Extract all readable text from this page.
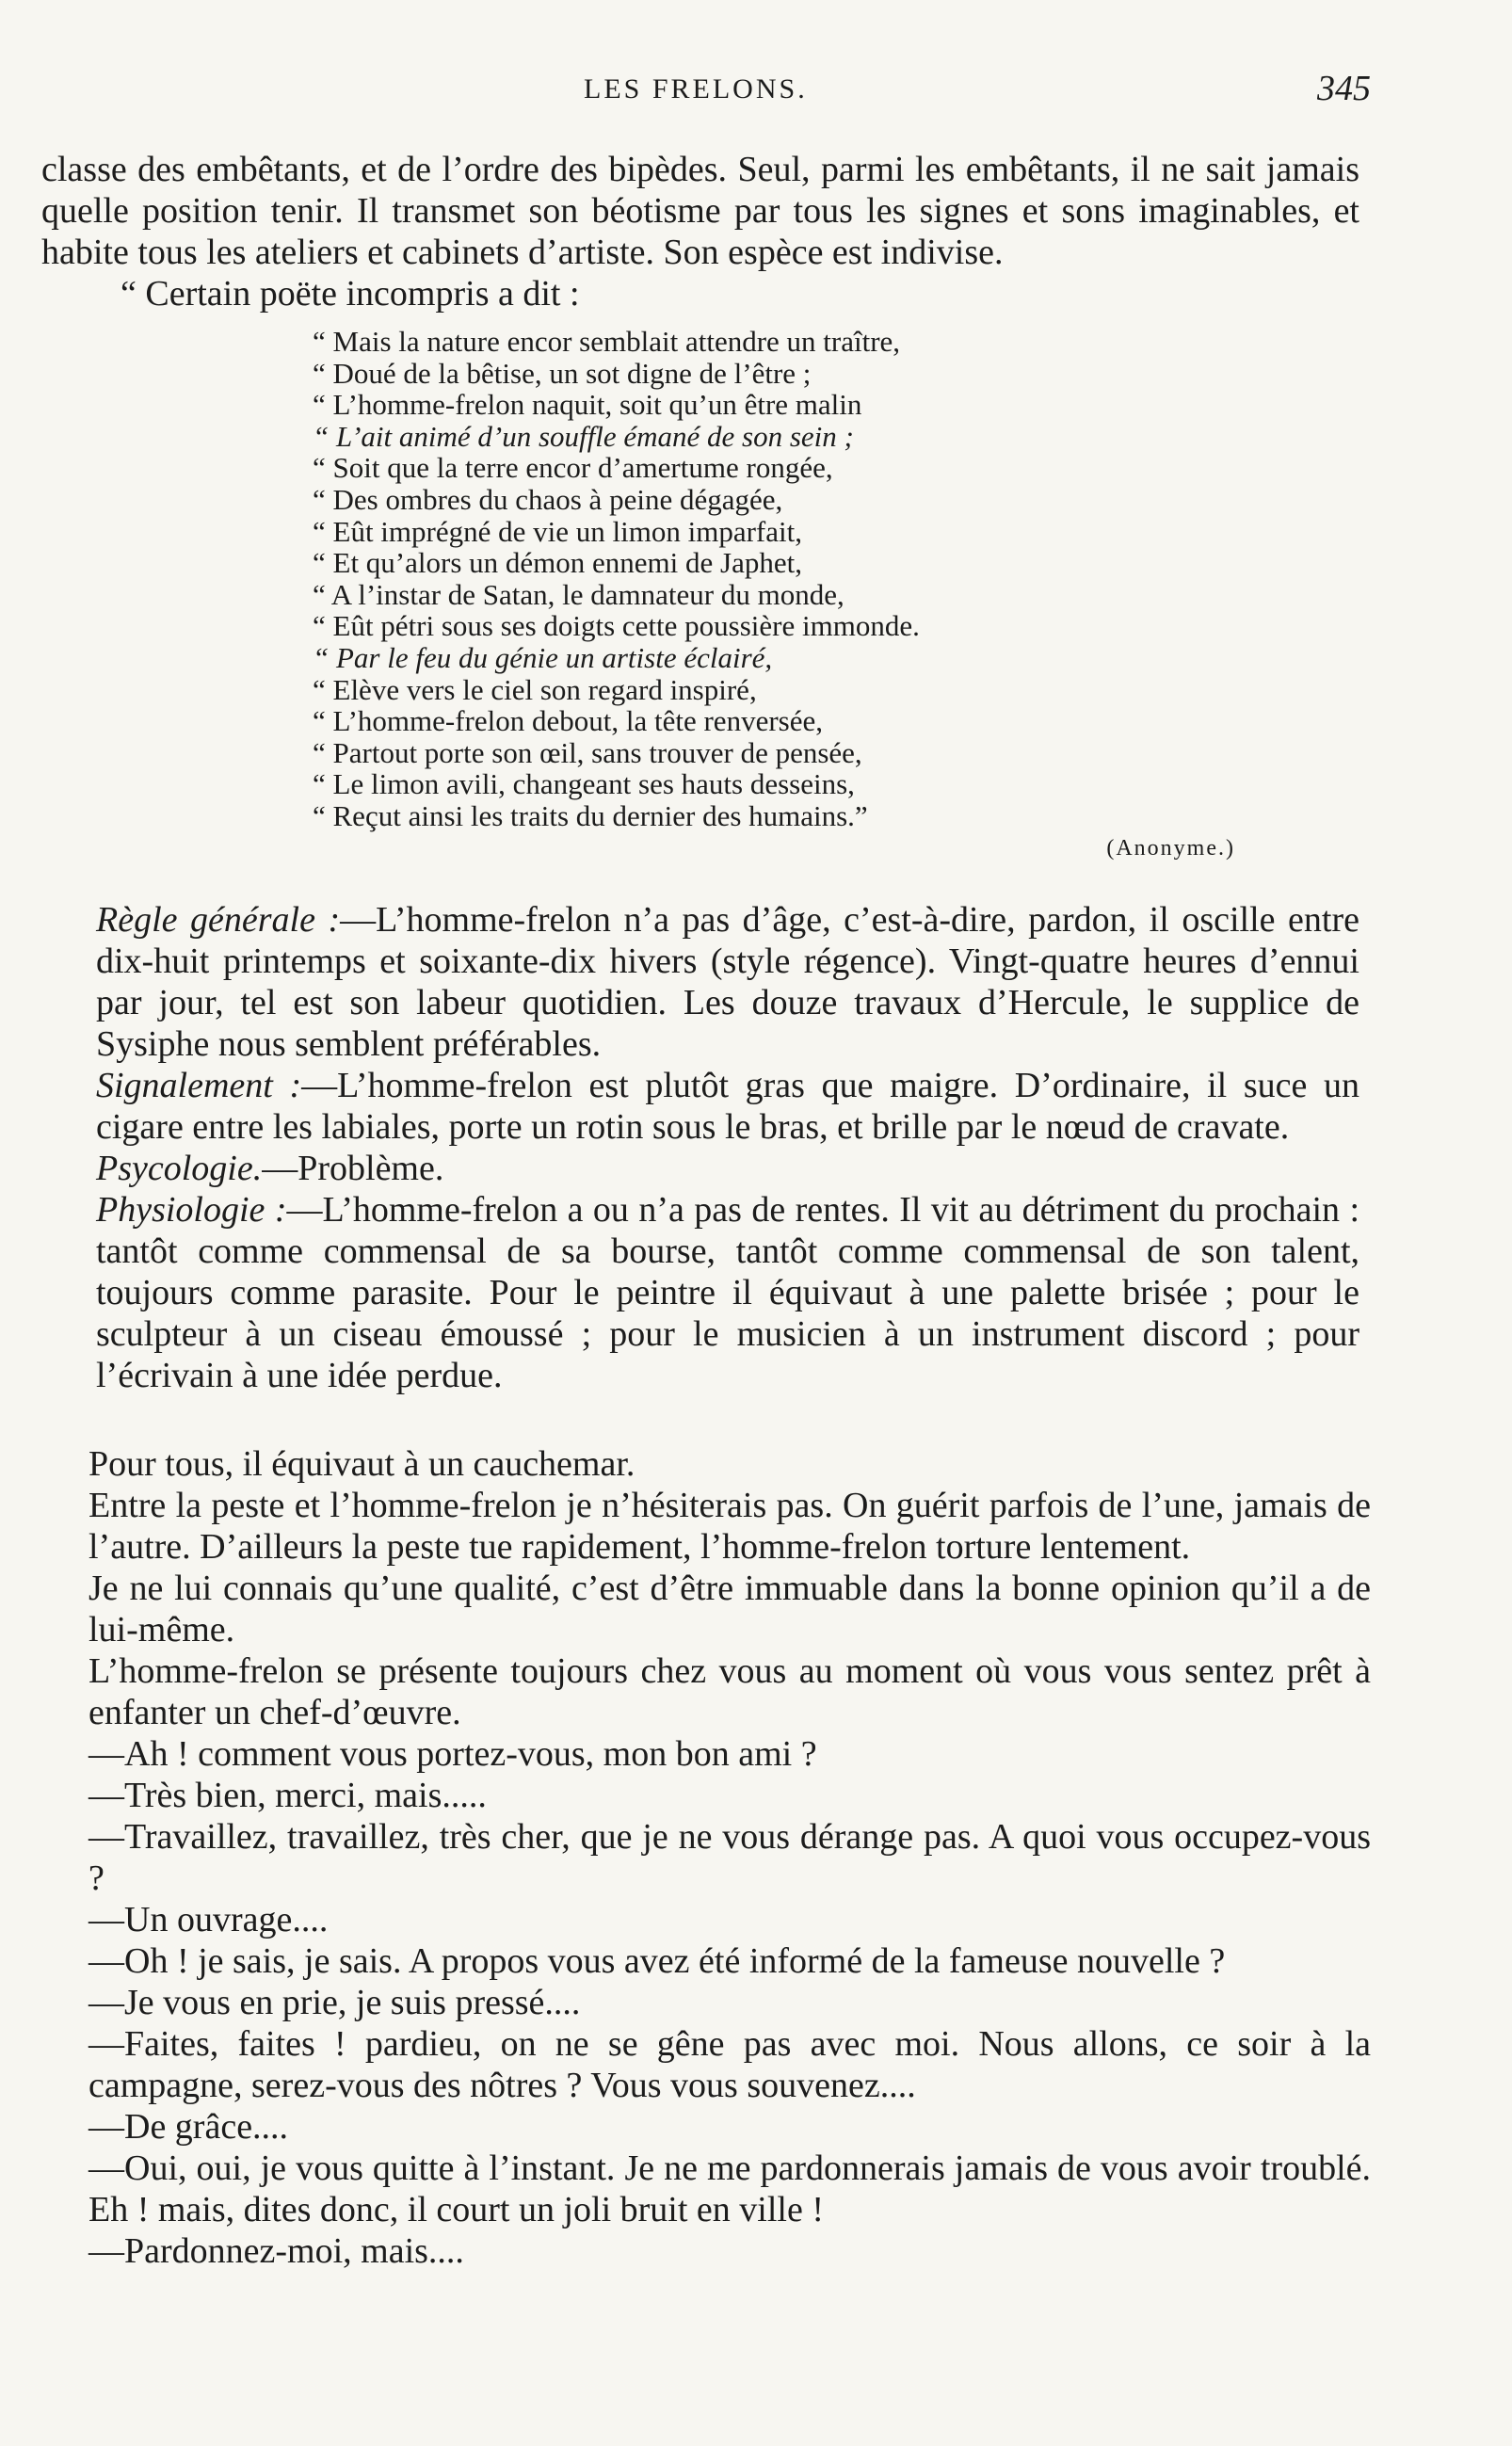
LES FRELONS.	345

classe des embêtants, et de l’ordre des bipèdes. Seul, parmi les embêtants, il ne sait jamais quelle position tenir. Il transmet son béotisme par tous les signes et sons imaginables, et habite tous les ateliers et cabinets d’artiste. Son espèce est indivise.

“ Certain poëte incompris a dit :

“ Mais la nature encor semblait attendre un traître,
“ Doué de la bêtise, un sot digne de l’être ;
“ L’homme-frelon naquit, soit qu’un être malin
“ L’ait animé d’un souffle émané de son sein ;
“ Soit que la terre encor d’amertume rongée,
“ Des ombres du chaos à peine dégagée,
“ Eût imprégné de vie un limon imparfait,
“ Et qu’alors un démon ennemi de Japhet,
“ A l’instar de Satan, le damnateur du monde,
“ Eût pétri sous ses doigts cette poussière immonde.
“ Par le feu du génie un artiste éclairé,
“ Elève vers le ciel son regard inspiré,
“ L’homme-frelon debout, la tête renversée,
“ Partout porte son œil, sans trouver de pensée,
“ Le limon avili, changeant ses hauts desseins,
“ Reçut ainsi les traits du dernier des humains.”
(Anonyme.)

Règle générale :—L’homme-frelon n’a pas d’âge, c’est-à-dire, pardon, il oscille entre dix-huit printemps et soixante-dix hivers (style régence). Vingt-quatre heures d’ennui par jour, tel est son labeur quotidien. Les douze travaux d’Hercule, le supplice de Sysiphe nous semblent préférables.

Signalement :—L’homme-frelon est plutôt gras que maigre. D’ordinaire, il suce un cigare entre les labiales, porte un rotin sous le bras, et brille par le nœud de cravate.

Psycologie.—Problème.

Physiologie :—L’homme-frelon a ou n’a pas de rentes. Il vit au détriment du prochain : tantôt comme commensal de sa bourse, tantôt comme commensal de son talent, toujours comme parasite. Pour le peintre il équivaut à une palette brisée ; pour le sculpteur à un ciseau émoussé ; pour le musicien à un instrument discord ; pour l’écrivain à une idée perdue.

Pour tous, il équivaut à un cauchemar.

Entre la peste et l’homme-frelon je n’hésiterais pas. On guérit parfois de l’une, jamais de l’autre. D’ailleurs la peste tue rapidement, l’homme-frelon torture lentement.

Je ne lui connais qu’une qualité, c’est d’être immuable dans la bonne opinion qu’il a de lui-même.

L’homme-frelon se présente toujours chez vous au moment où vous vous sentez prêt à enfanter un chef-d’œuvre.

—Ah ! comment vous portez-vous, mon bon ami ?

—Très bien, merci, mais.....

—Travaillez, travaillez, très cher, que je ne vous dérange pas. A quoi vous occupez-vous ?

—Un ouvrage....

—Oh ! je sais, je sais. A propos vous avez été informé de la fameuse nouvelle ?

—Je vous en prie, je suis pressé....

—Faites, faites ! pardieu, on ne se gêne pas avec moi. Nous allons, ce soir à la campagne, serez-vous des nôtres ? Vous vous souvenez....

—De grâce....

—Oui, oui, je vous quitte à l’instant. Je ne me pardonnerais jamais de vous avoir troublé. Eh ! mais, dites donc, il court un joli bruit en ville !

—Pardonnez-moi, mais....
